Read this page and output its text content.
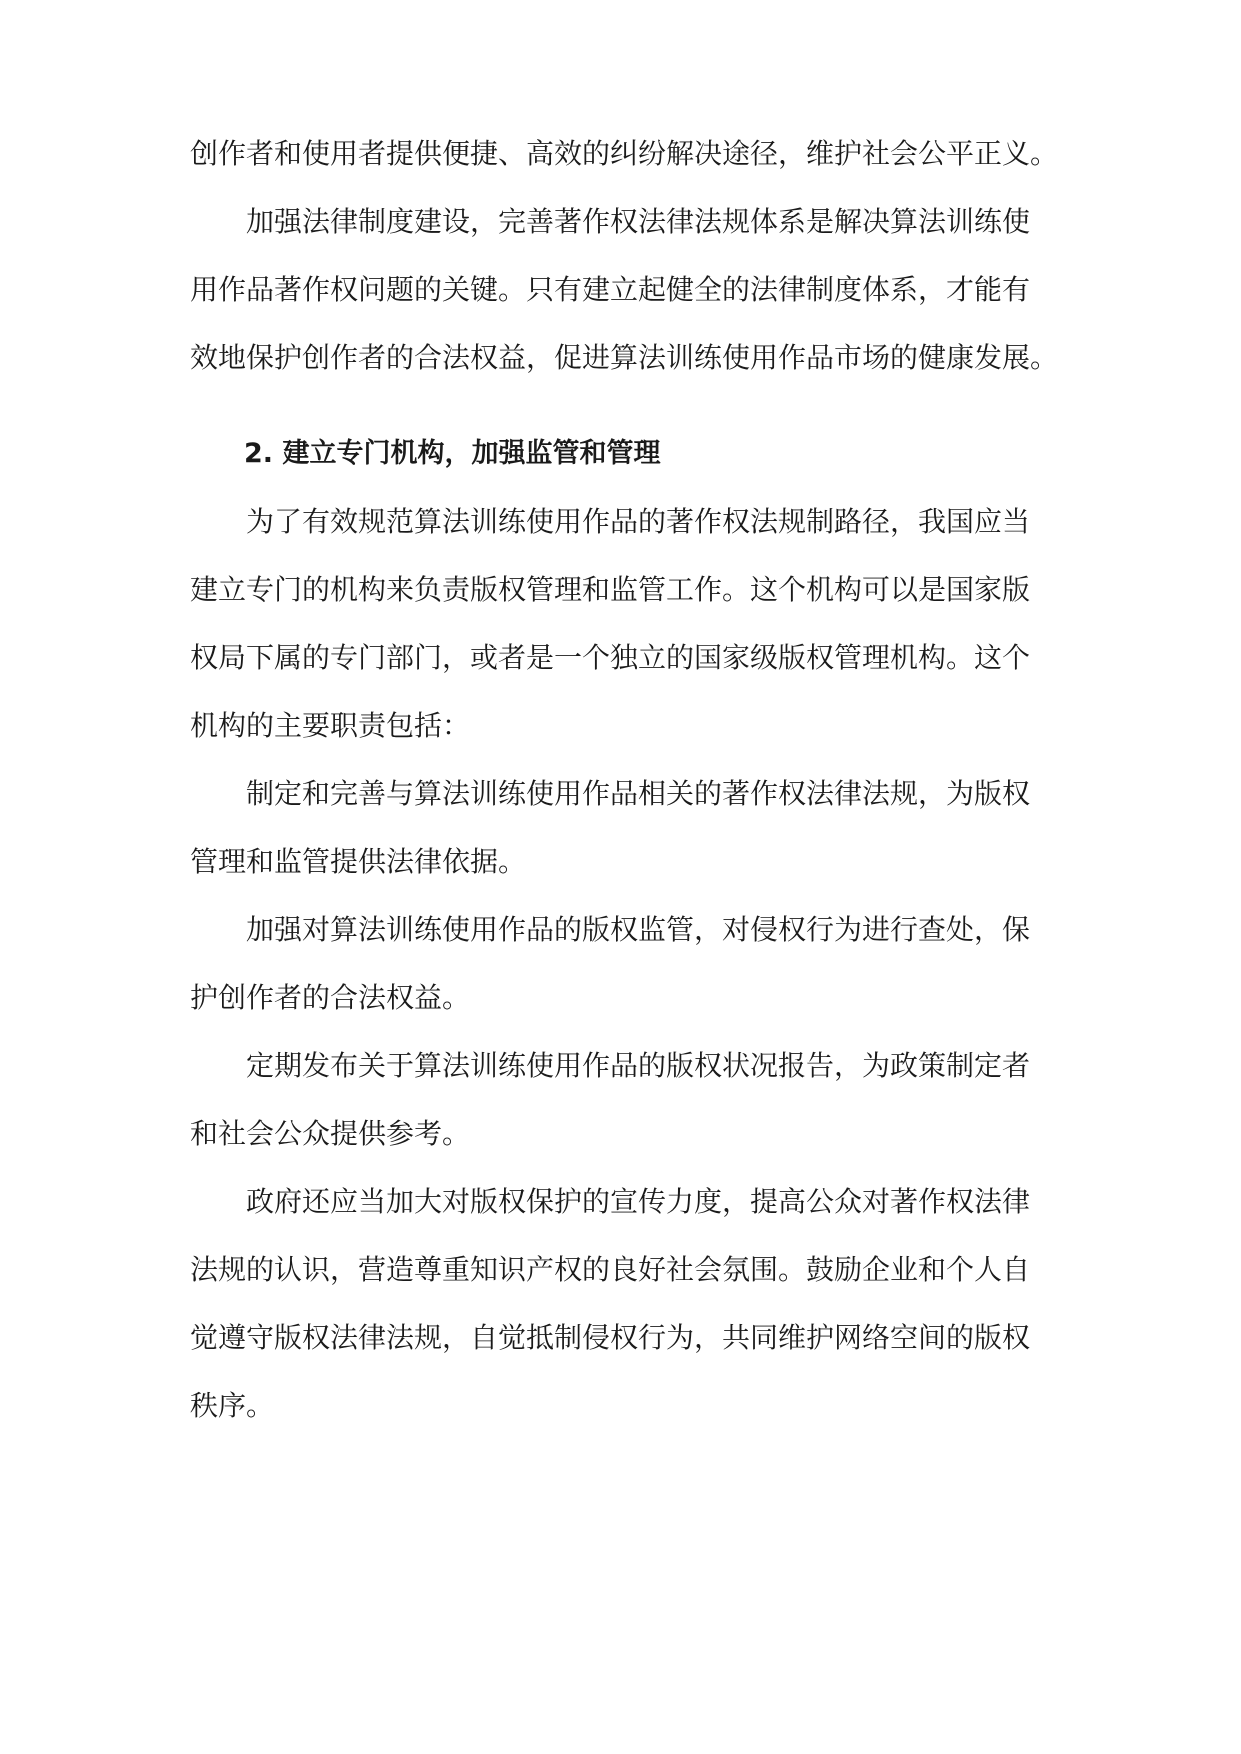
创作者和使用者提供便捷、高效的纠纷解决途径，维护社会公平正义。
加强法律制度建设，完善著作权法律法规体系是解决算法训练使
用作品著作权问题的关键。只有建立起健全的法律制度体系，才能有
效地保护创作者的合法权益，促进算法训练使用作品市场的健康发展。
2. 建立专门机构，加强监管和管理
为了有效规范算法训练使用作品的著作权法规制路径，我国应当
建立专门的机构来负责版权管理和监管工作。这个机构可以是国家版
权局下属的专门部门，或者是一个独立的国家级版权管理机构。这个
机构的主要职责包括：
制定和完善与算法训练使用作品相关的著作权法律法规，为版权
管理和监管提供法律依据。
加强对算法训练使用作品的版权监管，对侵权行为进行查处，保
护创作者的合法权益。
定期发布关于算法训练使用作品的版权状况报告，为政策制定者
和社会公众提供参考。
政府还应当加大对版权保护的宣传力度，提高公众对著作权法律
法规的认识，营造尊重知识产权的良好社会氛围。鼓励企业和个人自
觉遵守版权法律法规，自觉抵制侵权行为，共同维护网络空间的版权
秩序。
